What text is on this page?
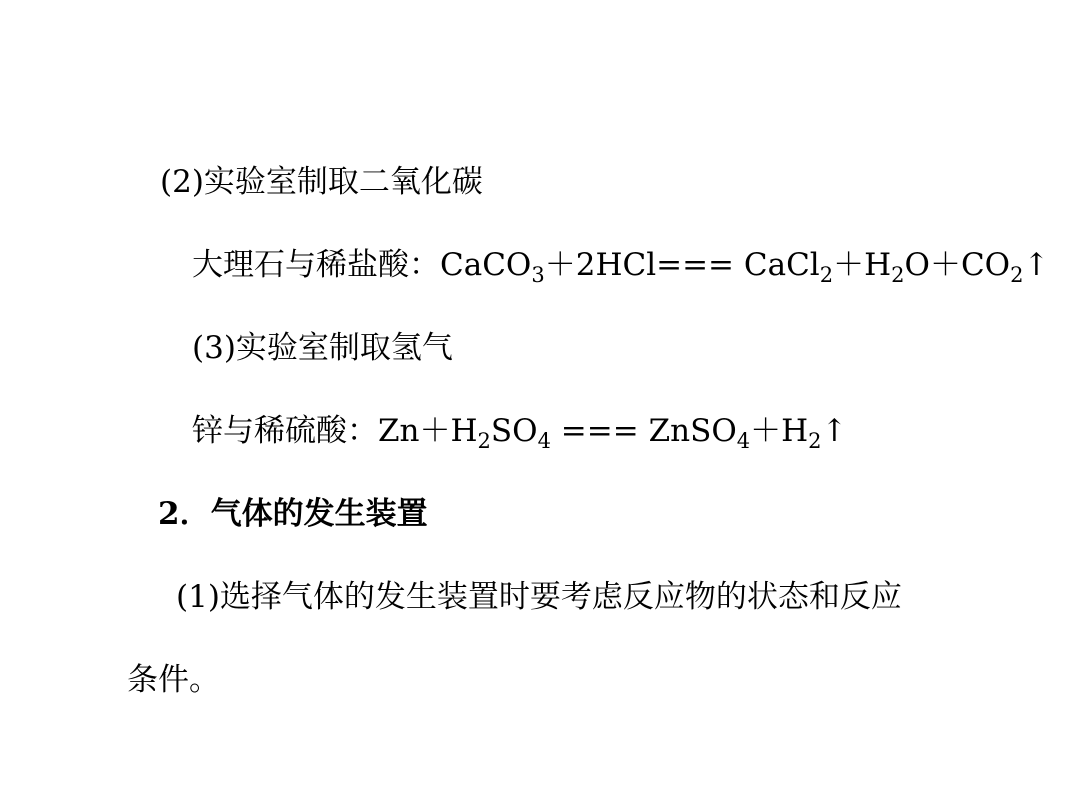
(2)实验室制取二氧化碳
大理石与稀盐酸：CaCO$_3$＋2HCl=== $CaCl_2+H_2O+CO_2↑$
(3)实验室制取氢气
锌与稀硫酸：$Zn+H_2SO_4$ === $ZnSO_4+H_2↑$
2．气体的发生装置
(1)选择气体的发生装置时要考虑反应物的状态和反应
条件。
